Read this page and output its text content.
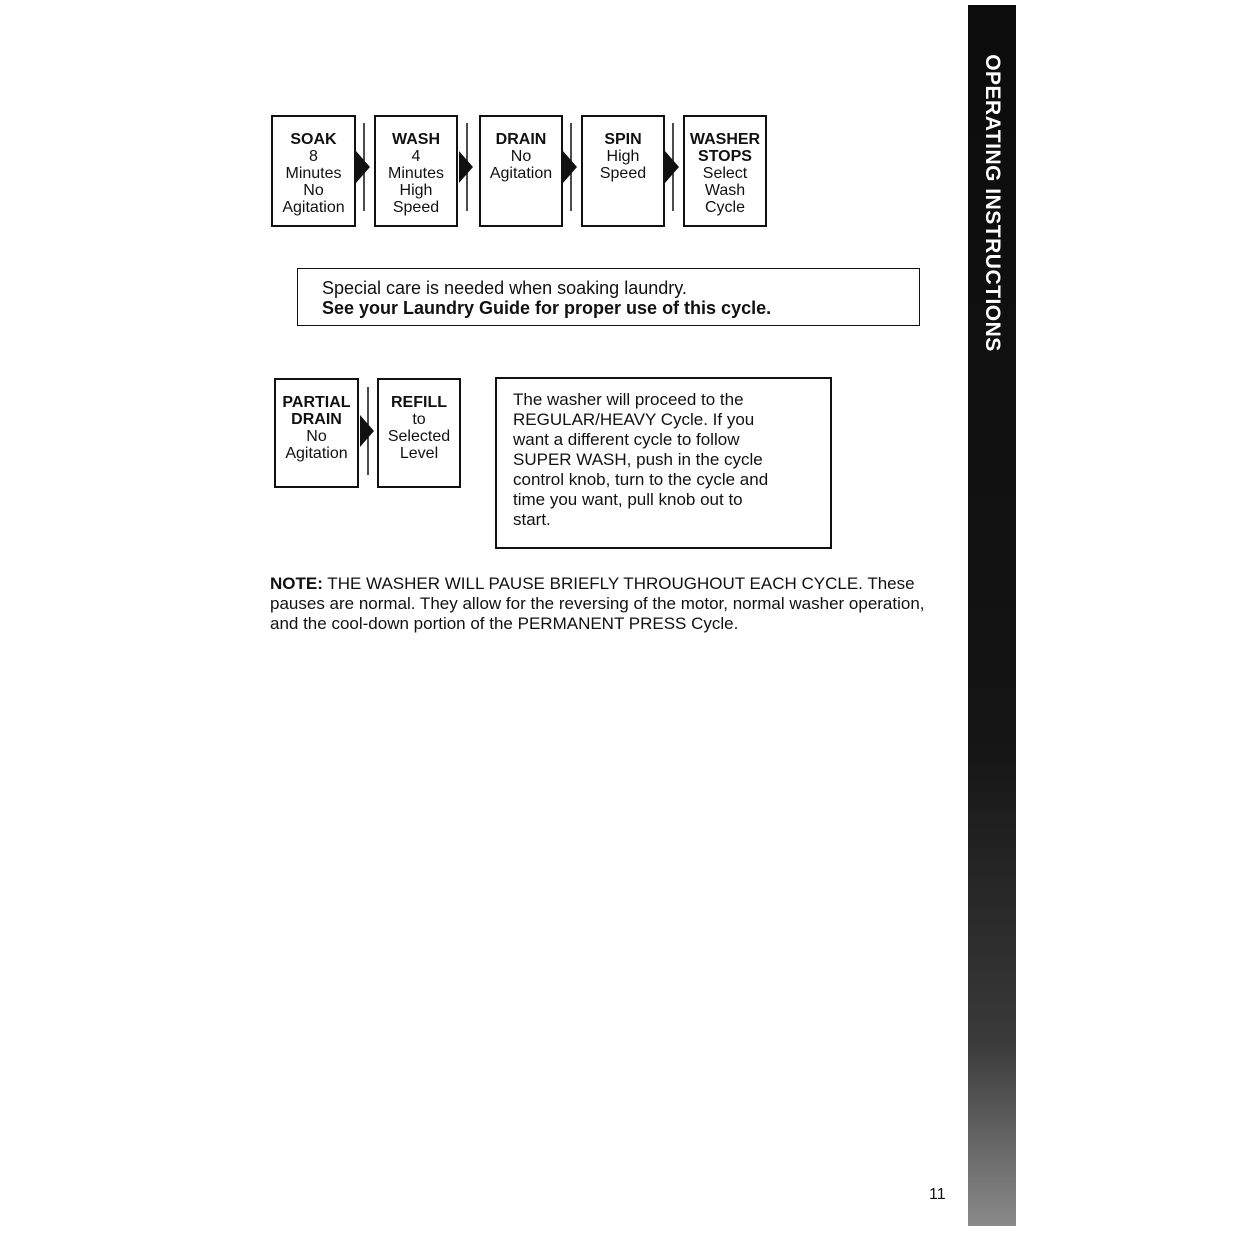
SOAK
8
Minutes
No
Agitation
WASH
4
Minutes
High
Speed
DRAIN
No
Agitation
SPIN
High
Speed
WASHER
STOPS
Select
Wash
Cycle
Special care is needed when soaking laundry.
See your Laundry Guide for proper use of this cycle.
PARTIAL
DRAIN
No
Agitation
REFILL
to
Selected
Level
The washer will proceed to the
REGULAR/HEAVY Cycle. If you
want a different cycle to follow
SUPER WASH, push in the cycle
control knob, turn to the cycle and
time you want, pull knob out to
start.
NOTE: THE WASHER WILL PAUSE BRIEFLY THROUGHOUT EACH CYCLE. These pauses are normal. They allow for the reversing of the motor, normal washer operation, and the cool-down portion of the PERMANENT PRESS Cycle.
OPERATING INSTRUCTIONS
11
